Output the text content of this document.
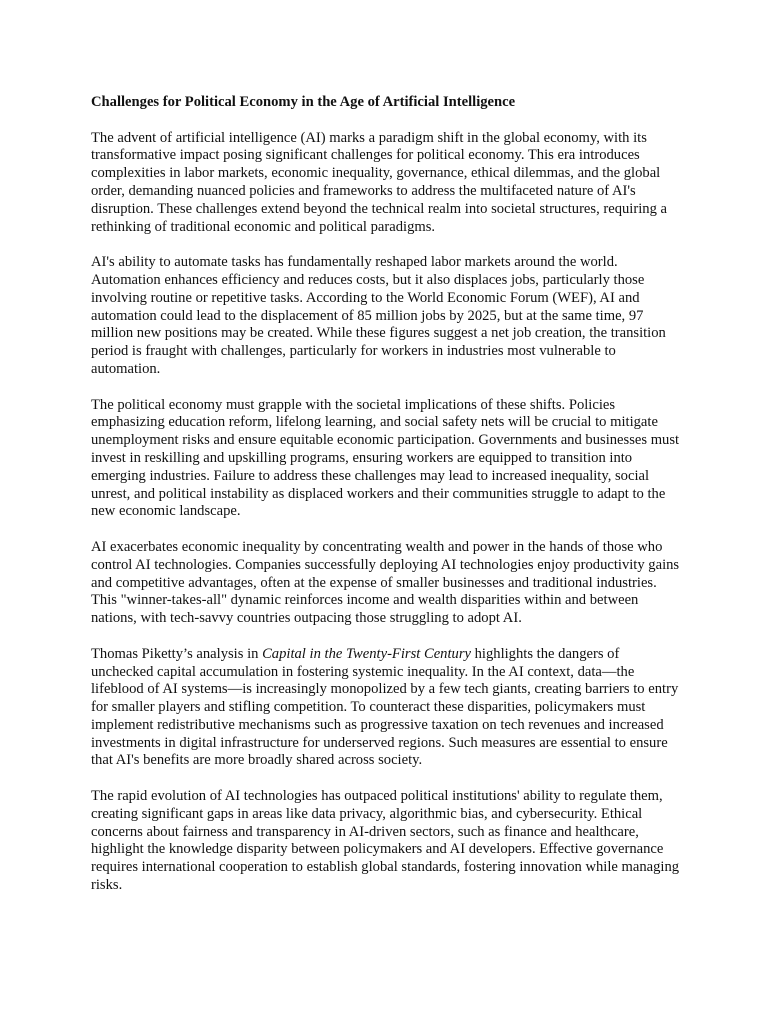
Challenges for Political Economy in the Age of Artificial Intelligence

The advent of artificial intelligence (AI) marks a paradigm shift in the global economy, with its transformative impact posing significant challenges for political economy. This era introduces complexities in labor markets, economic inequality, governance, ethical dilemmas, and the global order, demanding nuanced policies and frameworks to address the multifaceted nature of AI's disruption. These challenges extend beyond the technical realm into societal structures, requiring a rethinking of traditional economic and political paradigms.

AI's ability to automate tasks has fundamentally reshaped labor markets around the world. Automation enhances efficiency and reduces costs, but it also displaces jobs, particularly those involving routine or repetitive tasks. According to the World Economic Forum (WEF), AI and automation could lead to the displacement of 85 million jobs by 2025, but at the same time, 97 million new positions may be created. While these figures suggest a net job creation, the transition period is fraught with challenges, particularly for workers in industries most vulnerable to automation.

The political economy must grapple with the societal implications of these shifts. Policies emphasizing education reform, lifelong learning, and social safety nets will be crucial to mitigate unemployment risks and ensure equitable economic participation. Governments and businesses must invest in reskilling and upskilling programs, ensuring workers are equipped to transition into emerging industries. Failure to address these challenges may lead to increased inequality, social unrest, and political instability as displaced workers and their communities struggle to adapt to the new economic landscape.

AI exacerbates economic inequality by concentrating wealth and power in the hands of those who control AI technologies. Companies successfully deploying AI technologies enjoy productivity gains and competitive advantages, often at the expense of smaller businesses and traditional industries. This "winner-takes-all" dynamic reinforces income and wealth disparities within and between nations, with tech-savvy countries outpacing those struggling to adopt AI.

Thomas Piketty’s analysis in Capital in the Twenty-First Century highlights the dangers of unchecked capital accumulation in fostering systemic inequality. In the AI context, data—the lifeblood of AI systems—is increasingly monopolized by a few tech giants, creating barriers to entry for smaller players and stifling competition. To counteract these disparities, policymakers must implement redistributive mechanisms such as progressive taxation on tech revenues and increased investments in digital infrastructure for underserved regions. Such measures are essential to ensure that AI's benefits are more broadly shared across society.

The rapid evolution of AI technologies has outpaced political institutions' ability to regulate them, creating significant gaps in areas like data privacy, algorithmic bias, and cybersecurity. Ethical concerns about fairness and transparency in AI-driven sectors, such as finance and healthcare, highlight the knowledge disparity between policymakers and AI developers. Effective governance requires international cooperation to establish global standards, fostering innovation while managing risks.
